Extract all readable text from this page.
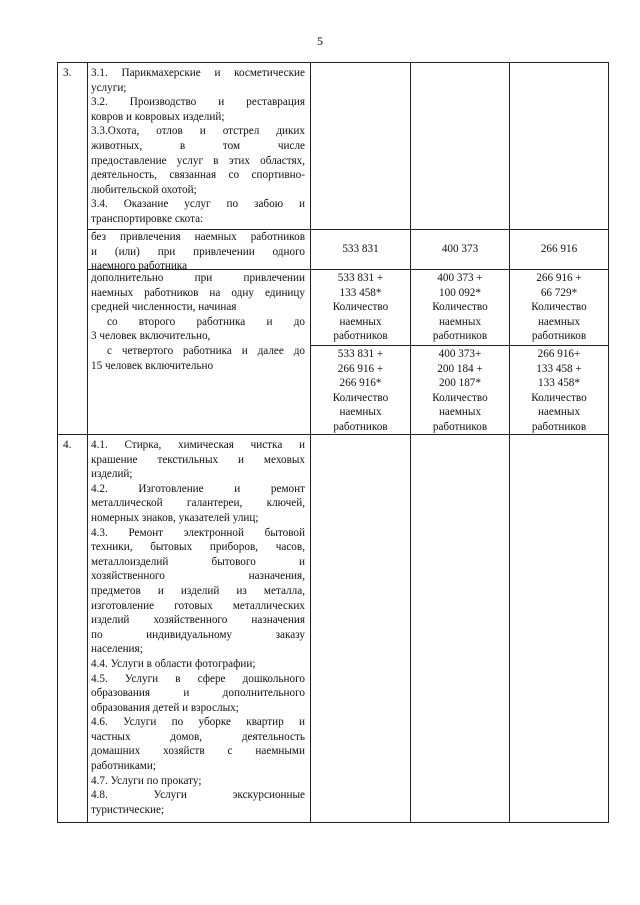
5
3. 3.1. Парикмахерские и косметические
услуги;
3.2. Производство и реставрация
ковров и ковровых изделий;
3.3.Охота, отлов и отстрел диких
животных, в том числе
предоставление услуг в этих областях,
деятельность, связанная со спортивно-
любительской охотой;
3.4. Оказание услуг по забою и
транспортировке скота:
без привлечения наемных работников
и (или) при привлечении одного
наемного работника
533 831	400 373	266 916
дополнительно при привлечении
наемных работников на одну единицу
средней численности, начиная
со второго работника и до
3 человек включительно,
с четвертого работника и далее до
15 человек включительно
533 831 +
133 458*
Количество
наемных
работников
400 373 +
100 092*
Количество
наемных
работников
266 916 +
66 729*
Количество
наемных
работников
533 831 +
266 916 +
266 916*
Количество
наемных
работников
400 373+
200 184 +
200 187*
Количество
наемных
работников
266 916+
133 458 +
133 458*
Количество
наемных
работников
4. 4.1. Стирка, химическая чистка и
крашение текстильных и меховых
изделий;
4.2. Изготовление и ремонт
металлической галантереи, ключей,
номерных знаков, указателей улиц;
4.3. Ремонт электронной бытовой
техники, бытовых приборов, часов,
металлоизделий бытового и
хозяйственного назначения,
предметов и изделий из металла,
изготовление готовых металлических
изделий хозяйственного назначения
по индивидуальному заказу
населения;
4.4. Услуги в области фотографии;
4.5. Услуги в сфере дошкольного
образования и дополнительного
образования детей и взрослых;
4.6. Услуги по уборке квартир и
частных домов, деятельность
домашних хозяйств с наемными
работниками;
4.7. Услуги по прокату;
4.8. Услуги экскурсионные
туристические;
